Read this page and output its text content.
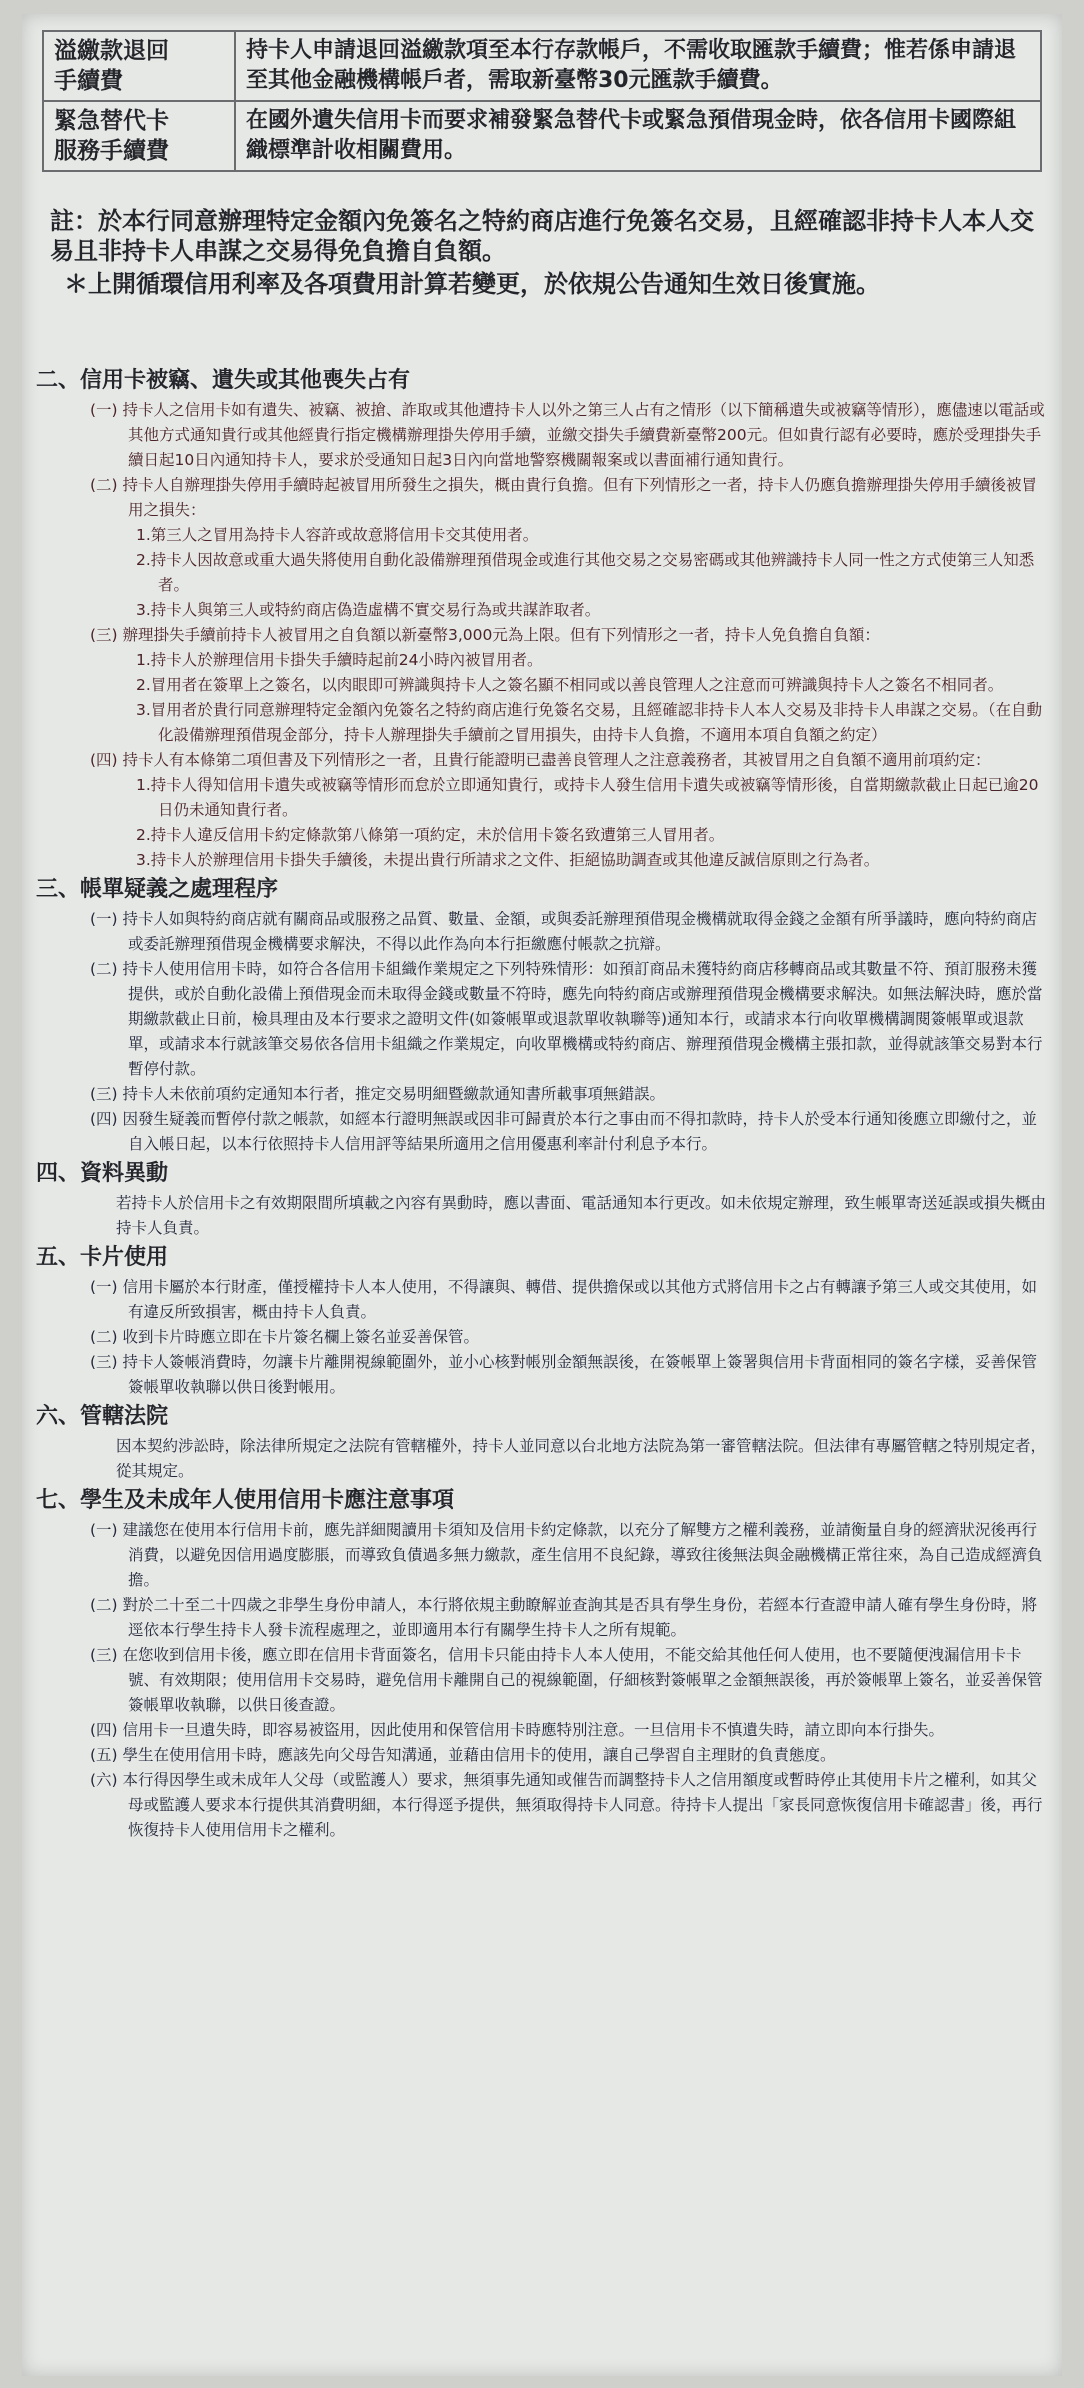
溢繳款退回
手續費	持卡人申請退回溢繳款項至本行存款帳戶，不需收取匯款手續費；惟若係申請退至其他金融機構帳戶者，需取新臺幣30元匯款手續費。
緊急替代卡
服務手續費	在國外遺失信用卡而要求補發緊急替代卡或緊急預借現金時，依各信用卡國際組織標準計收相關費用。
註：於本行同意辦理特定金額內免簽名之特約商店進行免簽名交易，且經確認非持卡人本人交易且非持卡人串謀之交易得免負擔自負額。
＊上開循環信用利率及各項費用計算若變更，於依規公告通知生效日後實施。
二、信用卡被竊、遺失或其他喪失占有

(一) 持卡人之信用卡如有遺失、被竊、被搶、詐取或其他遭持卡人以外之第三人占有之情形（以下簡稱遺失或被竊等情形），應儘速以電話或其他方式通知貴行或其他經貴行指定機構辦理掛失停用手續，並繳交掛失手續費新臺幣200元。但如貴行認有必要時，應於受理掛失手續日起10日內通知持卡人，要求於受通知日起3日內向當地警察機關報案或以書面補行通知貴行。

(二) 持卡人自辦理掛失停用手續時起被冒用所發生之損失，概由貴行負擔。但有下列情形之一者，持卡人仍應負擔辦理掛失停用手續後被冒用之損失：

1.第三人之冒用為持卡人容許或故意將信用卡交其使用者。

2.持卡人因故意或重大過失將使用自動化設備辦理預借現金或進行其他交易之交易密碼或其他辨識持卡人同一性之方式使第三人知悉者。

3.持卡人與第三人或特約商店偽造虛構不實交易行為或共謀詐取者。

(三) 辦理掛失手續前持卡人被冒用之自負額以新臺幣3,000元為上限。但有下列情形之一者，持卡人免負擔自負額：

1.持卡人於辦理信用卡掛失手續時起前24小時內被冒用者。

2.冒用者在簽單上之簽名，以肉眼即可辨識與持卡人之簽名顯不相同或以善良管理人之注意而可辨識與持卡人之簽名不相同者。

3.冒用者於貴行同意辦理特定金額內免簽名之特約商店進行免簽名交易，且經確認非持卡人本人交易及非持卡人串謀之交易。（在自動化設備辦理預借現金部分，持卡人辦理掛失手續前之冒用損失，由持卡人負擔，不適用本項自負額之約定）

(四) 持卡人有本條第二項但書及下列情形之一者，且貴行能證明已盡善良管理人之注意義務者，其被冒用之自負額不適用前項約定：

1.持卡人得知信用卡遺失或被竊等情形而怠於立即通知貴行，或持卡人發生信用卡遺失或被竊等情形後，自當期繳款截止日起已逾20日仍未通知貴行者。

2.持卡人違反信用卡約定條款第八條第一項約定，未於信用卡簽名致遭第三人冒用者。

3.持卡人於辦理信用卡掛失手續後，未提出貴行所請求之文件、拒絕協助調查或其他違反誠信原則之行為者。

三、帳單疑義之處理程序

(一) 持卡人如與特約商店就有關商品或服務之品質、數量、金額，或與委託辦理預借現金機構就取得金錢之金額有所爭議時，應向特約商店或委託辦理預借現金機構要求解決，不得以此作為向本行拒繳應付帳款之抗辯。

(二) 持卡人使用信用卡時，如符合各信用卡組織作業規定之下列特殊情形：如預訂商品未獲特約商店移轉商品或其數量不符、預訂服務未獲提供，或於自動化設備上預借現金而未取得金錢或數量不符時，應先向特約商店或辦理預借現金機構要求解決。如無法解決時，應於當期繳款截止日前，檢具理由及本行要求之證明文件(如簽帳單或退款單收執聯等)通知本行，或請求本行向收單機構調閱簽帳單或退款單，或請求本行就該筆交易依各信用卡組織之作業規定，向收單機構或特約商店、辦理預借現金機構主張扣款，並得就該筆交易對本行暫停付款。

(三) 持卡人未依前項約定通知本行者，推定交易明細暨繳款通知書所載事項無錯誤。

(四) 因發生疑義而暫停付款之帳款，如經本行證明無誤或因非可歸責於本行之事由而不得扣款時，持卡人於受本行通知後應立即繳付之，並自入帳日起，以本行依照持卡人信用評等結果所適用之信用優惠利率計付利息予本行。

四、資料異動

若持卡人於信用卡之有效期限間所填載之內容有異動時，應以書面、電話通知本行更改。如未依規定辦理，致生帳單寄送延誤或損失概由持卡人負責。

五、卡片使用

(一) 信用卡屬於本行財產，僅授權持卡人本人使用，不得讓與、轉借、提供擔保或以其他方式將信用卡之占有轉讓予第三人或交其使用，如有違反所致損害，概由持卡人負責。

(二) 收到卡片時應立即在卡片簽名欄上簽名並妥善保管。

(三) 持卡人簽帳消費時，勿讓卡片離開視線範圍外，並小心核對帳別金額無誤後，在簽帳單上簽署與信用卡背面相同的簽名字樣，妥善保管簽帳單收執聯以供日後對帳用。

六、管轄法院

因本契約涉訟時，除法律所規定之法院有管轄權外，持卡人並同意以台北地方法院為第一審管轄法院。但法律有專屬管轄之特別規定者，從其規定。

七、學生及未成年人使用信用卡應注意事項

(一) 建議您在使用本行信用卡前，應先詳細閱讀用卡須知及信用卡約定條款，以充分了解雙方之權利義務，並請衡量自身的經濟狀況後再行消費，以避免因信用過度膨脹，而導致負債過多無力繳款，產生信用不良紀錄，導致往後無法與金融機構正常往來，為自己造成經濟負擔。

(二) 對於二十至二十四歲之非學生身份申請人，本行將依規主動瞭解並查詢其是否具有學生身份，若經本行查證申請人確有學生身份時，將逕依本行學生持卡人發卡流程處理之，並即適用本行有關學生持卡人之所有規範。

(三) 在您收到信用卡後，應立即在信用卡背面簽名，信用卡只能由持卡人本人使用，不能交給其他任何人使用，也不要隨便洩漏信用卡卡號、有效期限；使用信用卡交易時，避免信用卡離開自己的視線範圍，仔細核對簽帳單之金額無誤後，再於簽帳單上簽名，並妥善保管簽帳單收執聯，以供日後查證。

(四) 信用卡一旦遺失時，即容易被盜用，因此使用和保管信用卡時應特別注意。一旦信用卡不慎遺失時，請立即向本行掛失。

(五) 學生在使用信用卡時，應該先向父母告知溝通，並藉由信用卡的使用，讓自己學習自主理財的負責態度。

(六) 本行得因學生或未成年人父母（或監護人）要求，無須事先通知或催告而調整持卡人之信用額度或暫時停止其使用卡片之權利，如其父母或監護人要求本行提供其消費明細，本行得逕予提供，無須取得持卡人同意。待持卡人提出「家長同意恢復信用卡確認書」後，再行恢復持卡人使用信用卡之權利。
